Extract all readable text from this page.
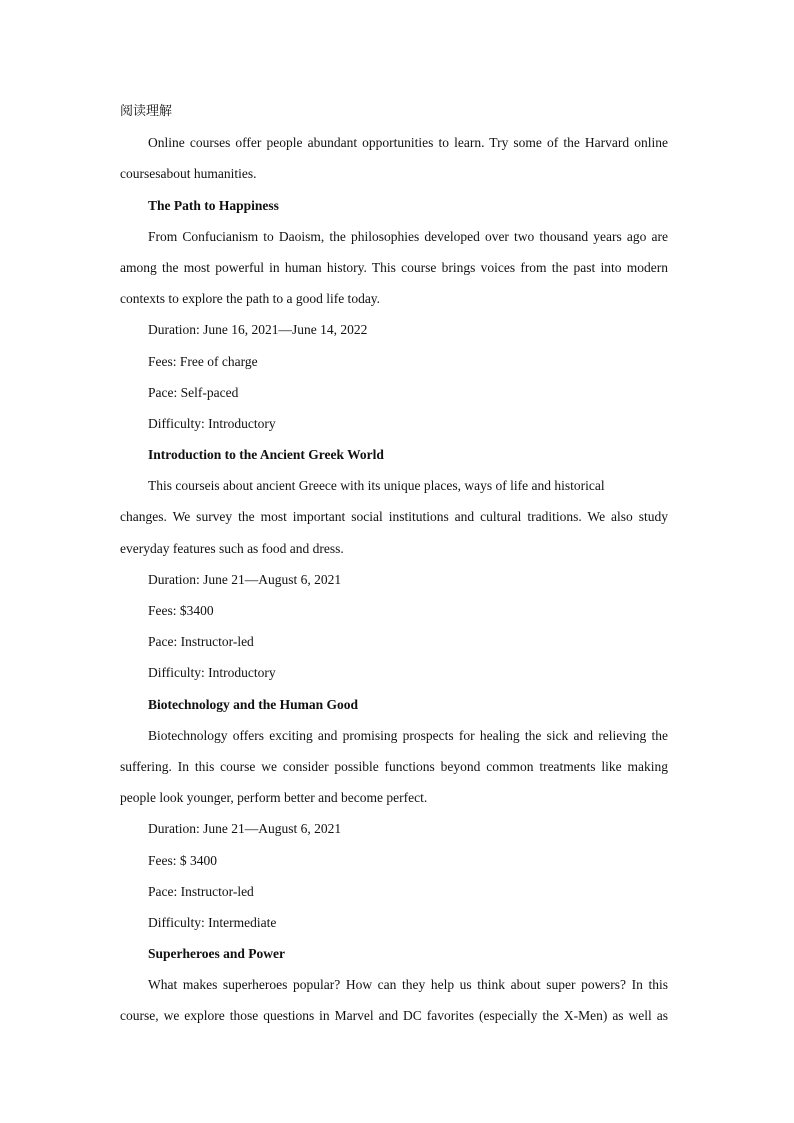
阅读理解
Online courses offer people abundant opportunities to learn. Try some of the Harvard online
coursesabout humanities.
The Path to Happiness
From Confucianism to Daoism, the philosophies developed over two thousand years ago are
among the most powerful in human history. This course brings voices from the past into modern
contexts to explore the path to a good life today.
Duration: June 16, 2021—June 14, 2022
Fees: Free of charge
Pace: Self-paced
Difficulty: Introductory
Introduction to the Ancient Greek World
This courseis about ancient Greece with its unique places, ways of life and historical
changes. We survey the most important social institutions and cultural traditions. We also study
everyday features such as food and dress.
Duration: June 21—August 6, 2021
Fees: $3400
Pace: Instructor-led
Difficulty: Introductory
Biotechnology and the Human Good
Biotechnology offers exciting and promising prospects for healing the sick and relieving the
suffering. In this course we consider possible functions beyond common treatments like making
people look younger, perform better and become perfect.
Duration: June 21—August 6, 2021
Fees: $ 3400
Pace: Instructor-led
Difficulty: Intermediate
Superheroes and Power
What makes superheroes popular? How can they help us think about super powers? In this
course, we explore those questions in Marvel and DC favorites (especially the X-Men) as well as
